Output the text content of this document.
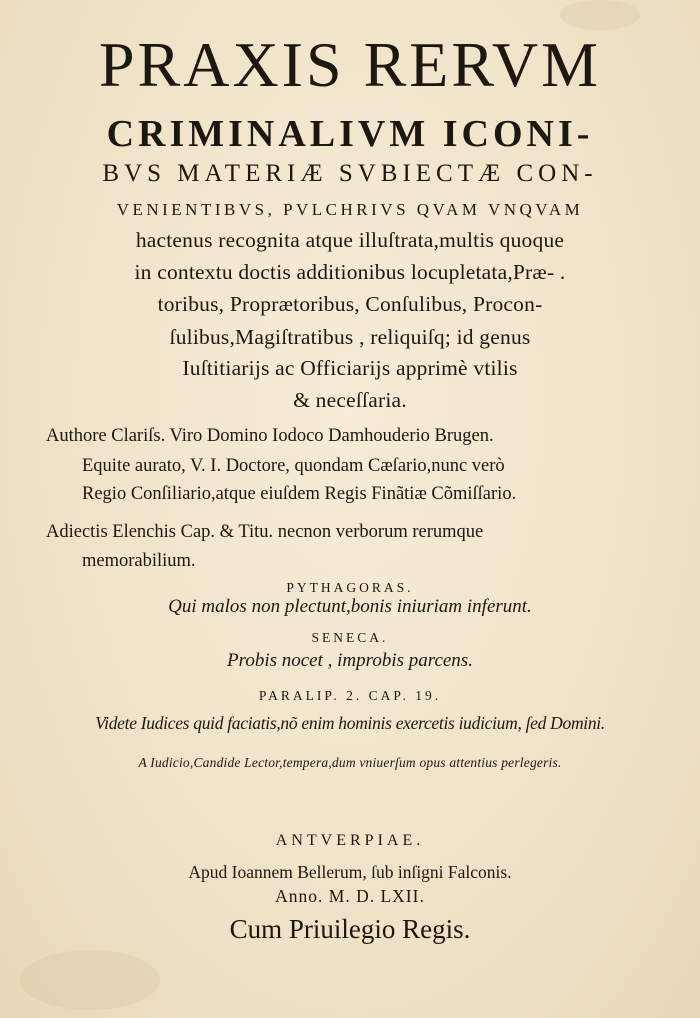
PRAXIS RERVM
CRIMINALIVM ICONI-
BVS MATERIÆ SVBIECTÆ CON-
VENIENTIBVS, PVLCHRIVS QVAM VNQVAM
hactenus recognita atque illuſtrata,multis quoque
in contextu doctis additionibus locupletata,Præ- .
toribus, Proprætoribus, Conſulibus, Procon-
ſulibus,Magiſtratibus , reliquiſq; id genus
Iuſtitiarijs ac Officiarijs apprimè vtilis
& neceſſaria.
Authore Clariſs. Viro Domino Iodoco Damhouderio Brugen.
Equite aurato, V. I. Doctore, quondam Cæſario,nunc verò
Regio Conſiliario,atque eiuſdem Regis Finãtiæ Cõmiſſario.
Adiectis Elenchis Cap. & Titu. necnon verborum rerumque
memorabilium.
PYTHAGORAS.
Qui malos non plectunt,bonis iniuriam inferunt.
SENECA.
Probis nocet , improbis parcens.
PARALIP. 2. CAP. 19.
Videte Iudices quid faciatis,nõ enim hominis exercetis iudicium, ſed Domini.
A Iudicio,Candide Lector,tempera,dum vniuerſum opus attentius perlegeris.
ANTVERPIAE.
Apud Ioannem Bellerum, ſub inſigni Falconis.
Anno. M. D. LXII.
Cum Priuilegio Regis.
